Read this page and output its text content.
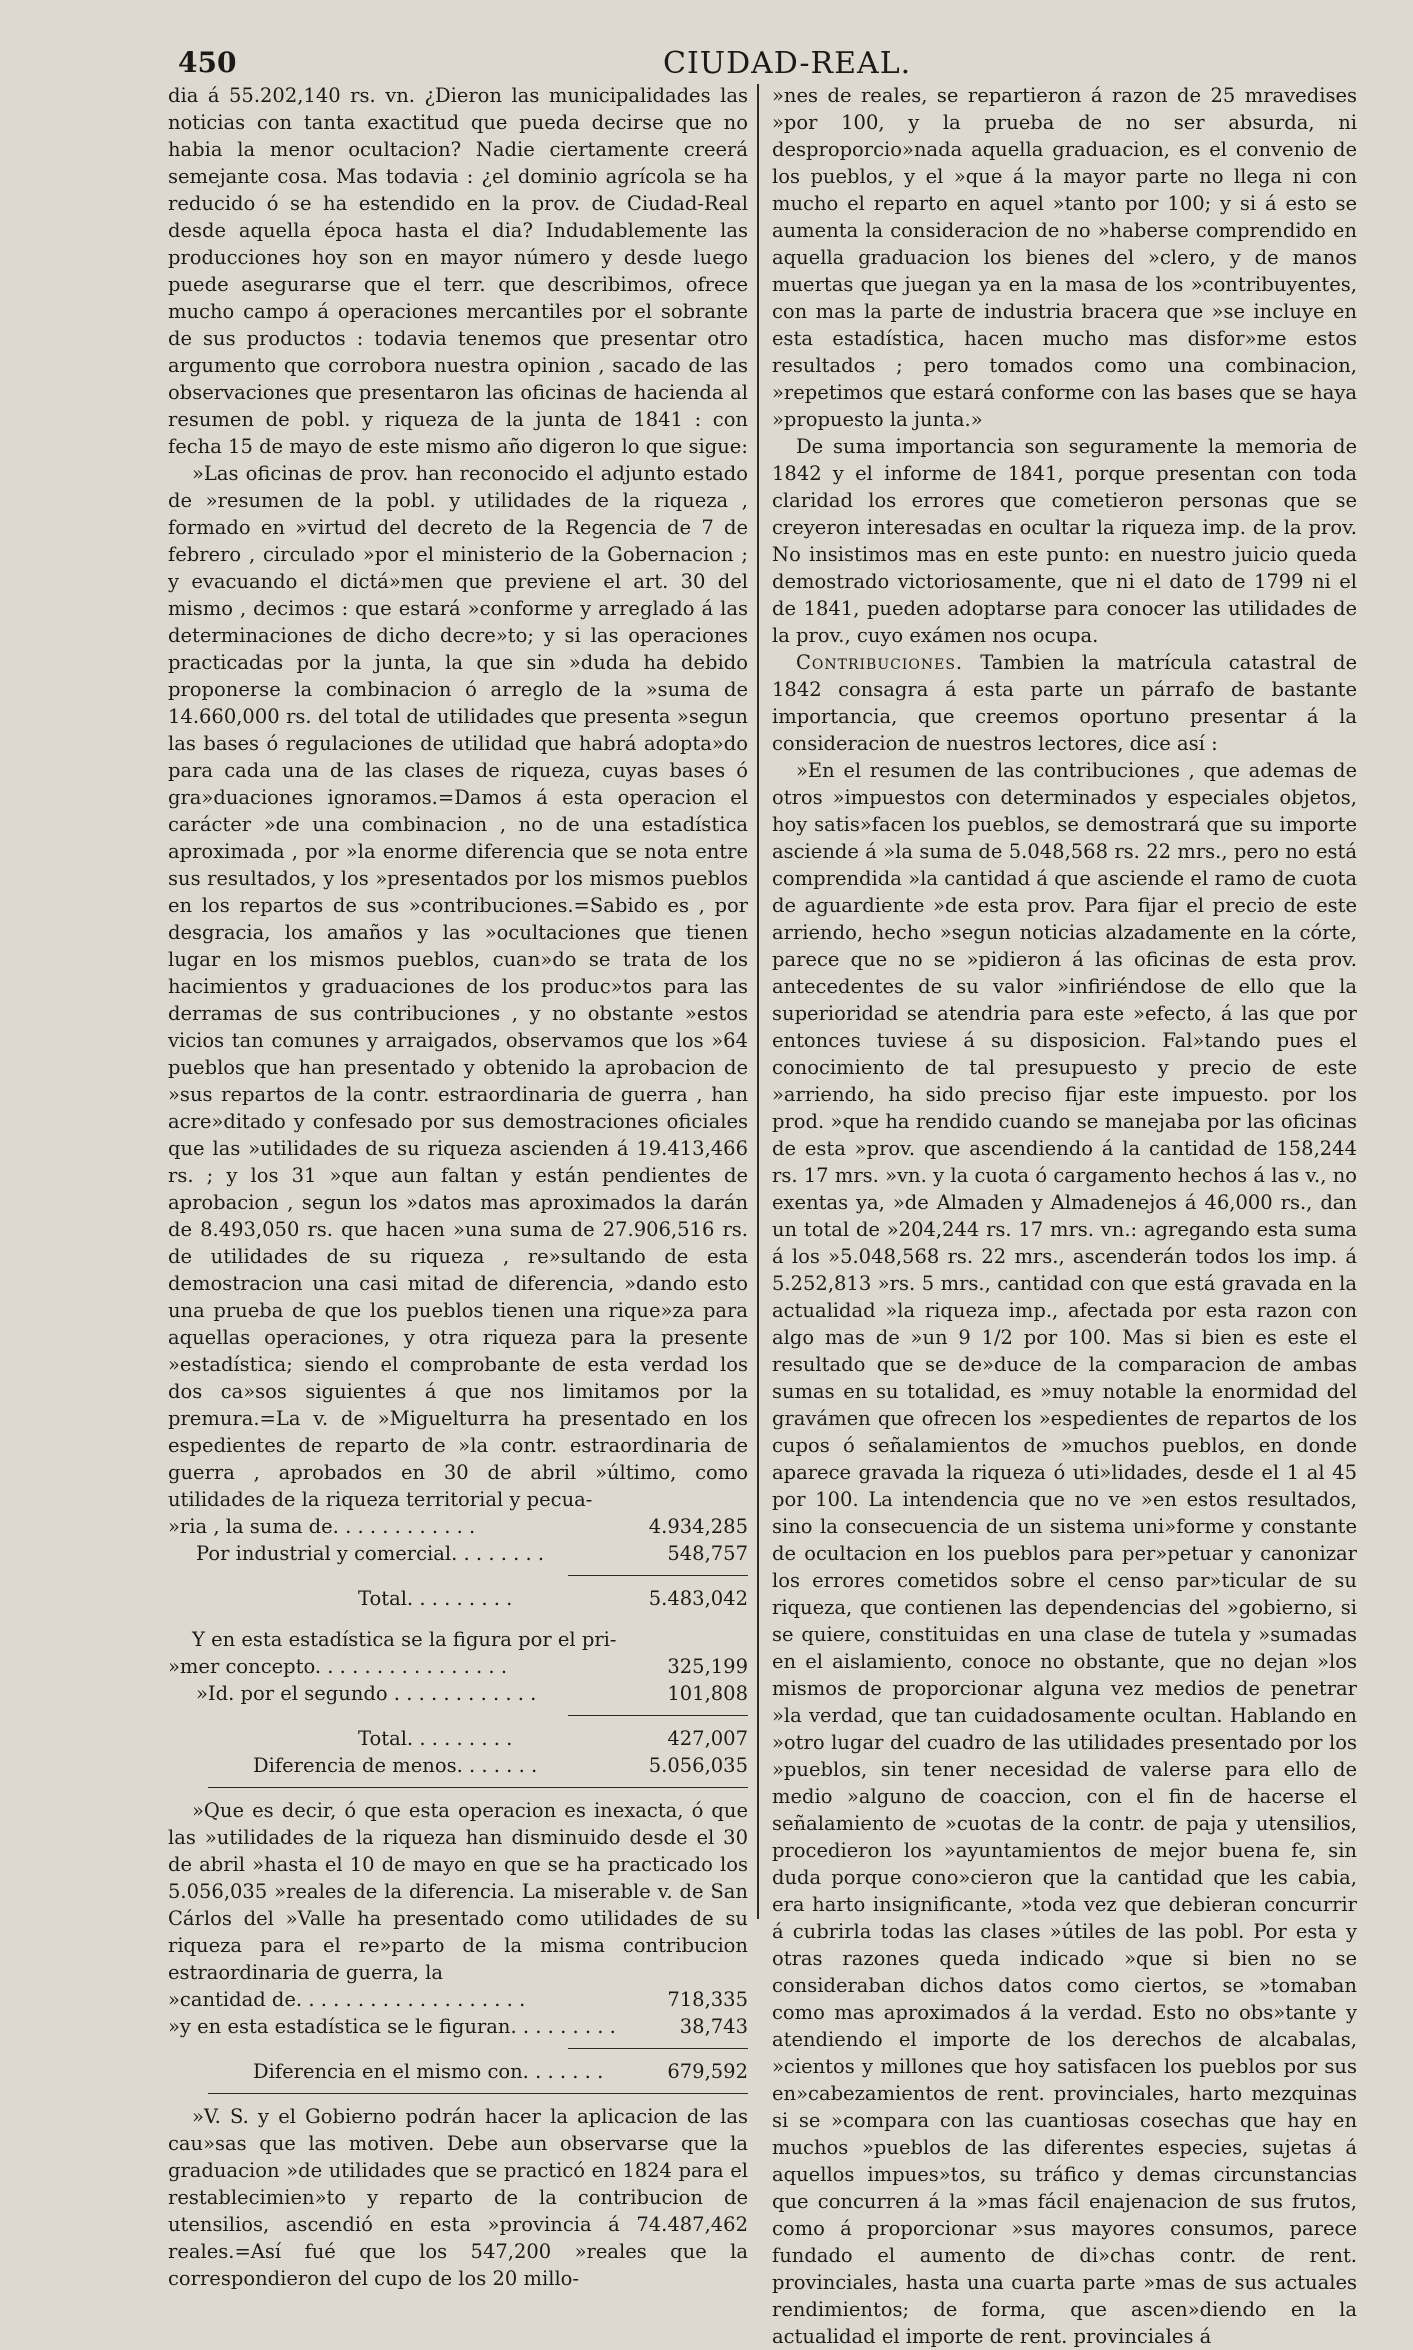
450	CIUDAD-REAL.

dia á 55.202,140 rs. vn. ¿Dieron las municipalidades las noticias con tanta exactitud que pueda decirse que no habia la menor ocultacion? Nadie ciertamente creerá semejante cosa. Mas todavia : ¿el dominio agrícola se ha reducido ó se ha estendido en la prov. de Ciudad-Real desde aquella época hasta el dia? Indudablemente las producciones hoy son en mayor número y desde luego puede asegurarse que el terr. que describimos, ofrece mucho campo á operaciones mercantiles por el sobrante de sus productos : todavia tenemos que presentar otro argumento que corrobora nuestra opinion , sacado de las observaciones que presentaron las oficinas de hacienda al resumen de pobl. y riqueza de la junta de 1841 : con fecha 15 de mayo de este mismo año digeron lo que sigue:

»Las oficinas de prov. han reconocido el adjunto estado de »resumen de la pobl. y utilidades de la riqueza , formado en »virtud del decreto de la Regencia de 7 de febrero , circulado »por el ministerio de la Gobernacion ; y evacuando el dictá»men que previene el art. 30 del mismo , decimos : que estará »conforme y arreglado á las determinaciones de dicho decre»to; y si las operaciones practicadas por la junta, la que sin »duda ha debido proponerse la combinacion ó arreglo de la »suma de 14.660,000 rs. del total de utilidades que presenta »segun las bases ó regulaciones de utilidad que habrá adopta»do para cada una de las clases de riqueza, cuyas bases ó gra»duaciones ignoramos.=Damos á esta operacion el carácter »de una combinacion , no de una estadística aproximada , por »la enorme diferencia que se nota entre sus resultados, y los »presentados por los mismos pueblos en los repartos de sus »contribuciones.=Sabido es , por desgracia, los amaños y las »ocultaciones que tienen lugar en los mismos pueblos, cuan»do se trata de los hacimientos y graduaciones de los produc»tos para las derramas de sus contribuciones , y no obstante »estos vicios tan comunes y arraigados, observamos que los »64 pueblos que han presentado y obtenido la aprobacion de »sus repartos de la contr. estraordinaria de guerra , han acre»ditado y confesado por sus demostraciones oficiales que las »utilidades de su riqueza ascienden á 19.413,466 rs. ; y los 31 »que aun faltan y están pendientes de aprobacion , segun los »datos mas aproximados la darán de 8.493,050 rs. que hacen »una suma de 27.906,516 rs. de utilidades de su riqueza , re»sultando de esta demostracion una casi mitad de diferencia, »dando esto una prueba de que los pueblos tienen una rique»za para aquellas operaciones, y otra riqueza para la presente »estadística; siendo el comprobante de esta verdad los dos ca»sos siguientes á que nos limitamos por la premura.=La v. de »Miguelturra ha presentado en los espedientes de reparto de »la contr. estraordinaria de guerra , aprobados en 30 de abril »último, como utilidades de la riqueza territorial y pecua-

»ria , la suma de. . . . . . . . . . . .	4.934,285
Por industrial y comercial. . . . . . . .	548,757
Total. . . . . . . . .	5.483,042

Y en esta estadística se la figura por el pri-

»mer concepto. . . . . . . . . . . . . . . .	325,199
»Id. por el segundo . . . . . . . . . . . .	101,808
Total. . . . . . . . .	427,007
Diferencia de menos. . . . . . .	5.056,035

»Que es decir, ó que esta operacion es inexacta, ó que las »utilidades de la riqueza han disminuido desde el 30 de abril »hasta el 10 de mayo en que se ha practicado los 5.056,035 »reales de la diferencia. La miserable v. de San Cárlos del »Valle ha presentado como utilidades de su riqueza para el re»parto de la misma contribucion estraordinaria de guerra, la

»cantidad de. . . . . . . . . . . . . . . . . . .	718,335
»y en esta estadística se le figuran. . . . . . . . .	38,743
Diferencia en el mismo con. . . . . . .	679,592

»V. S. y el Gobierno podrán hacer la aplicacion de las cau»sas que las motiven. Debe aun observarse que la graduacion »de utilidades que se practicó en 1824 para el restablecimien»to y reparto de la contribucion de utensilios, ascendió en esta »provincia á 74.487,462 reales.=Así fué que los 547,200 »reales que la correspondieron del cupo de los 20 millo-

»nes de reales, se repartieron á razon de 25 mravedises »por 100, y la prueba de no ser absurda, ni desproporcio»nada aquella graduacion, es el convenio de los pueblos, y el »que á la mayor parte no llega ni con mucho el reparto en aquel »tanto por 100; y si á esto se aumenta la consideracion de no »haberse comprendido en aquella graduacion los bienes del »clero, y de manos muertas que juegan ya en la masa de los »contribuyentes, con mas la parte de industria bracera que »se incluye en esta estadística, hacen mucho mas disfor»me estos resultados ; pero tomados como una combinacion, »repetimos que estará conforme con las bases que se haya »propuesto la junta.»

De suma importancia son seguramente la memoria de 1842 y el informe de 1841, porque presentan con toda claridad los errores que cometieron personas que se creyeron interesadas en ocultar la riqueza imp. de la prov. No insistimos mas en este punto: en nuestro juicio queda demostrado victoriosamente, que ni el dato de 1799 ni el de 1841, pueden adoptarse para conocer las utilidades de la prov., cuyo exámen nos ocupa.

Contribuciones. Tambien la matrícula catastral de 1842 consagra á esta parte un párrafo de bastante importancia, que creemos oportuno presentar á la consideracion de nuestros lectores, dice así :

»En el resumen de las contribuciones , que ademas de otros »impuestos con determinados y especiales objetos, hoy satis»facen los pueblos, se demostrará que su importe asciende á »la suma de 5.048,568 rs. 22 mrs., pero no está comprendida »la cantidad á que asciende el ramo de cuota de aguardiente »de esta prov. Para fijar el precio de este arriendo, hecho »segun noticias alzadamente en la córte, parece que no se »pidieron á las oficinas de esta prov. antecedentes de su valor »infiriéndose de ello que la superioridad se atendria para este »efecto, á las que por entonces tuviese á su disposicion. Fal»tando pues el conocimiento de tal presupuesto y precio de este »arriendo, ha sido preciso fijar este impuesto. por los prod. »que ha rendido cuando se manejaba por las oficinas de esta »prov. que ascendiendo á la cantidad de 158,244 rs. 17 mrs. »vn. y la cuota ó cargamento hechos á las v., no exentas ya, »de Almaden y Almadenejos á 46,000 rs., dan un total de »204,244 rs. 17 mrs. vn.: agregando esta suma á los »5.048,568 rs. 22 mrs., ascenderán todos los imp. á 5.252,813 »rs. 5 mrs., cantidad con que está gravada en la actualidad »la riqueza imp., afectada por esta razon con algo mas de »un 9 1/2 por 100. Mas si bien es este el resultado que se de»duce de la comparacion de ambas sumas en su totalidad, es »muy notable la enormidad del gravámen que ofrecen los »espedientes de repartos de los cupos ó señalamientos de »muchos pueblos, en donde aparece gravada la riqueza ó uti»lidades, desde el 1 al 45 por 100. La intendencia que no ve »en estos resultados, sino la consecuencia de un sistema uni»forme y constante de ocultacion en los pueblos para per»petuar y canonizar los errores cometidos sobre el censo par»ticular de su riqueza, que contienen las dependencias del »gobierno, si se quiere, constituidas en una clase de tutela y »sumadas en el aislamiento, conoce no obstante, que no dejan »los mismos de proporcionar alguna vez medios de penetrar »la verdad, que tan cuidadosamente ocultan. Hablando en »otro lugar del cuadro de las utilidades presentado por los »pueblos, sin tener necesidad de valerse para ello de medio »alguno de coaccion, con el fin de hacerse el señalamiento de »cuotas de la contr. de paja y utensilios, procedieron los »ayuntamientos de mejor buena fe, sin duda porque cono»cieron que la cantidad que les cabia, era harto insignificante, »toda vez que debieran concurrir á cubrirla todas las clases »útiles de las pobl. Por esta y otras razones queda indicado »que si bien no se consideraban dichos datos como ciertos, se »tomaban como mas aproximados á la verdad. Esto no obs»tante y atendiendo el importe de los derechos de alcabalas, »cientos y millones que hoy satisfacen los pueblos por sus en»cabezamientos de rent. provinciales, harto mezquinas si se »compara con las cuantiosas cosechas que hay en muchos »pueblos de las diferentes especies, sujetas á aquellos impues»tos, su tráfico y demas circunstancias que concurren á la »mas fácil enajenacion de sus frutos, como á proporcionar »sus mayores consumos, parece fundado el aumento de di»chas contr. de rent. provinciales, hasta una cuarta parte »mas de sus actuales rendimientos; de forma, que ascen»diendo en la actualidad el importe de rent. provinciales á
